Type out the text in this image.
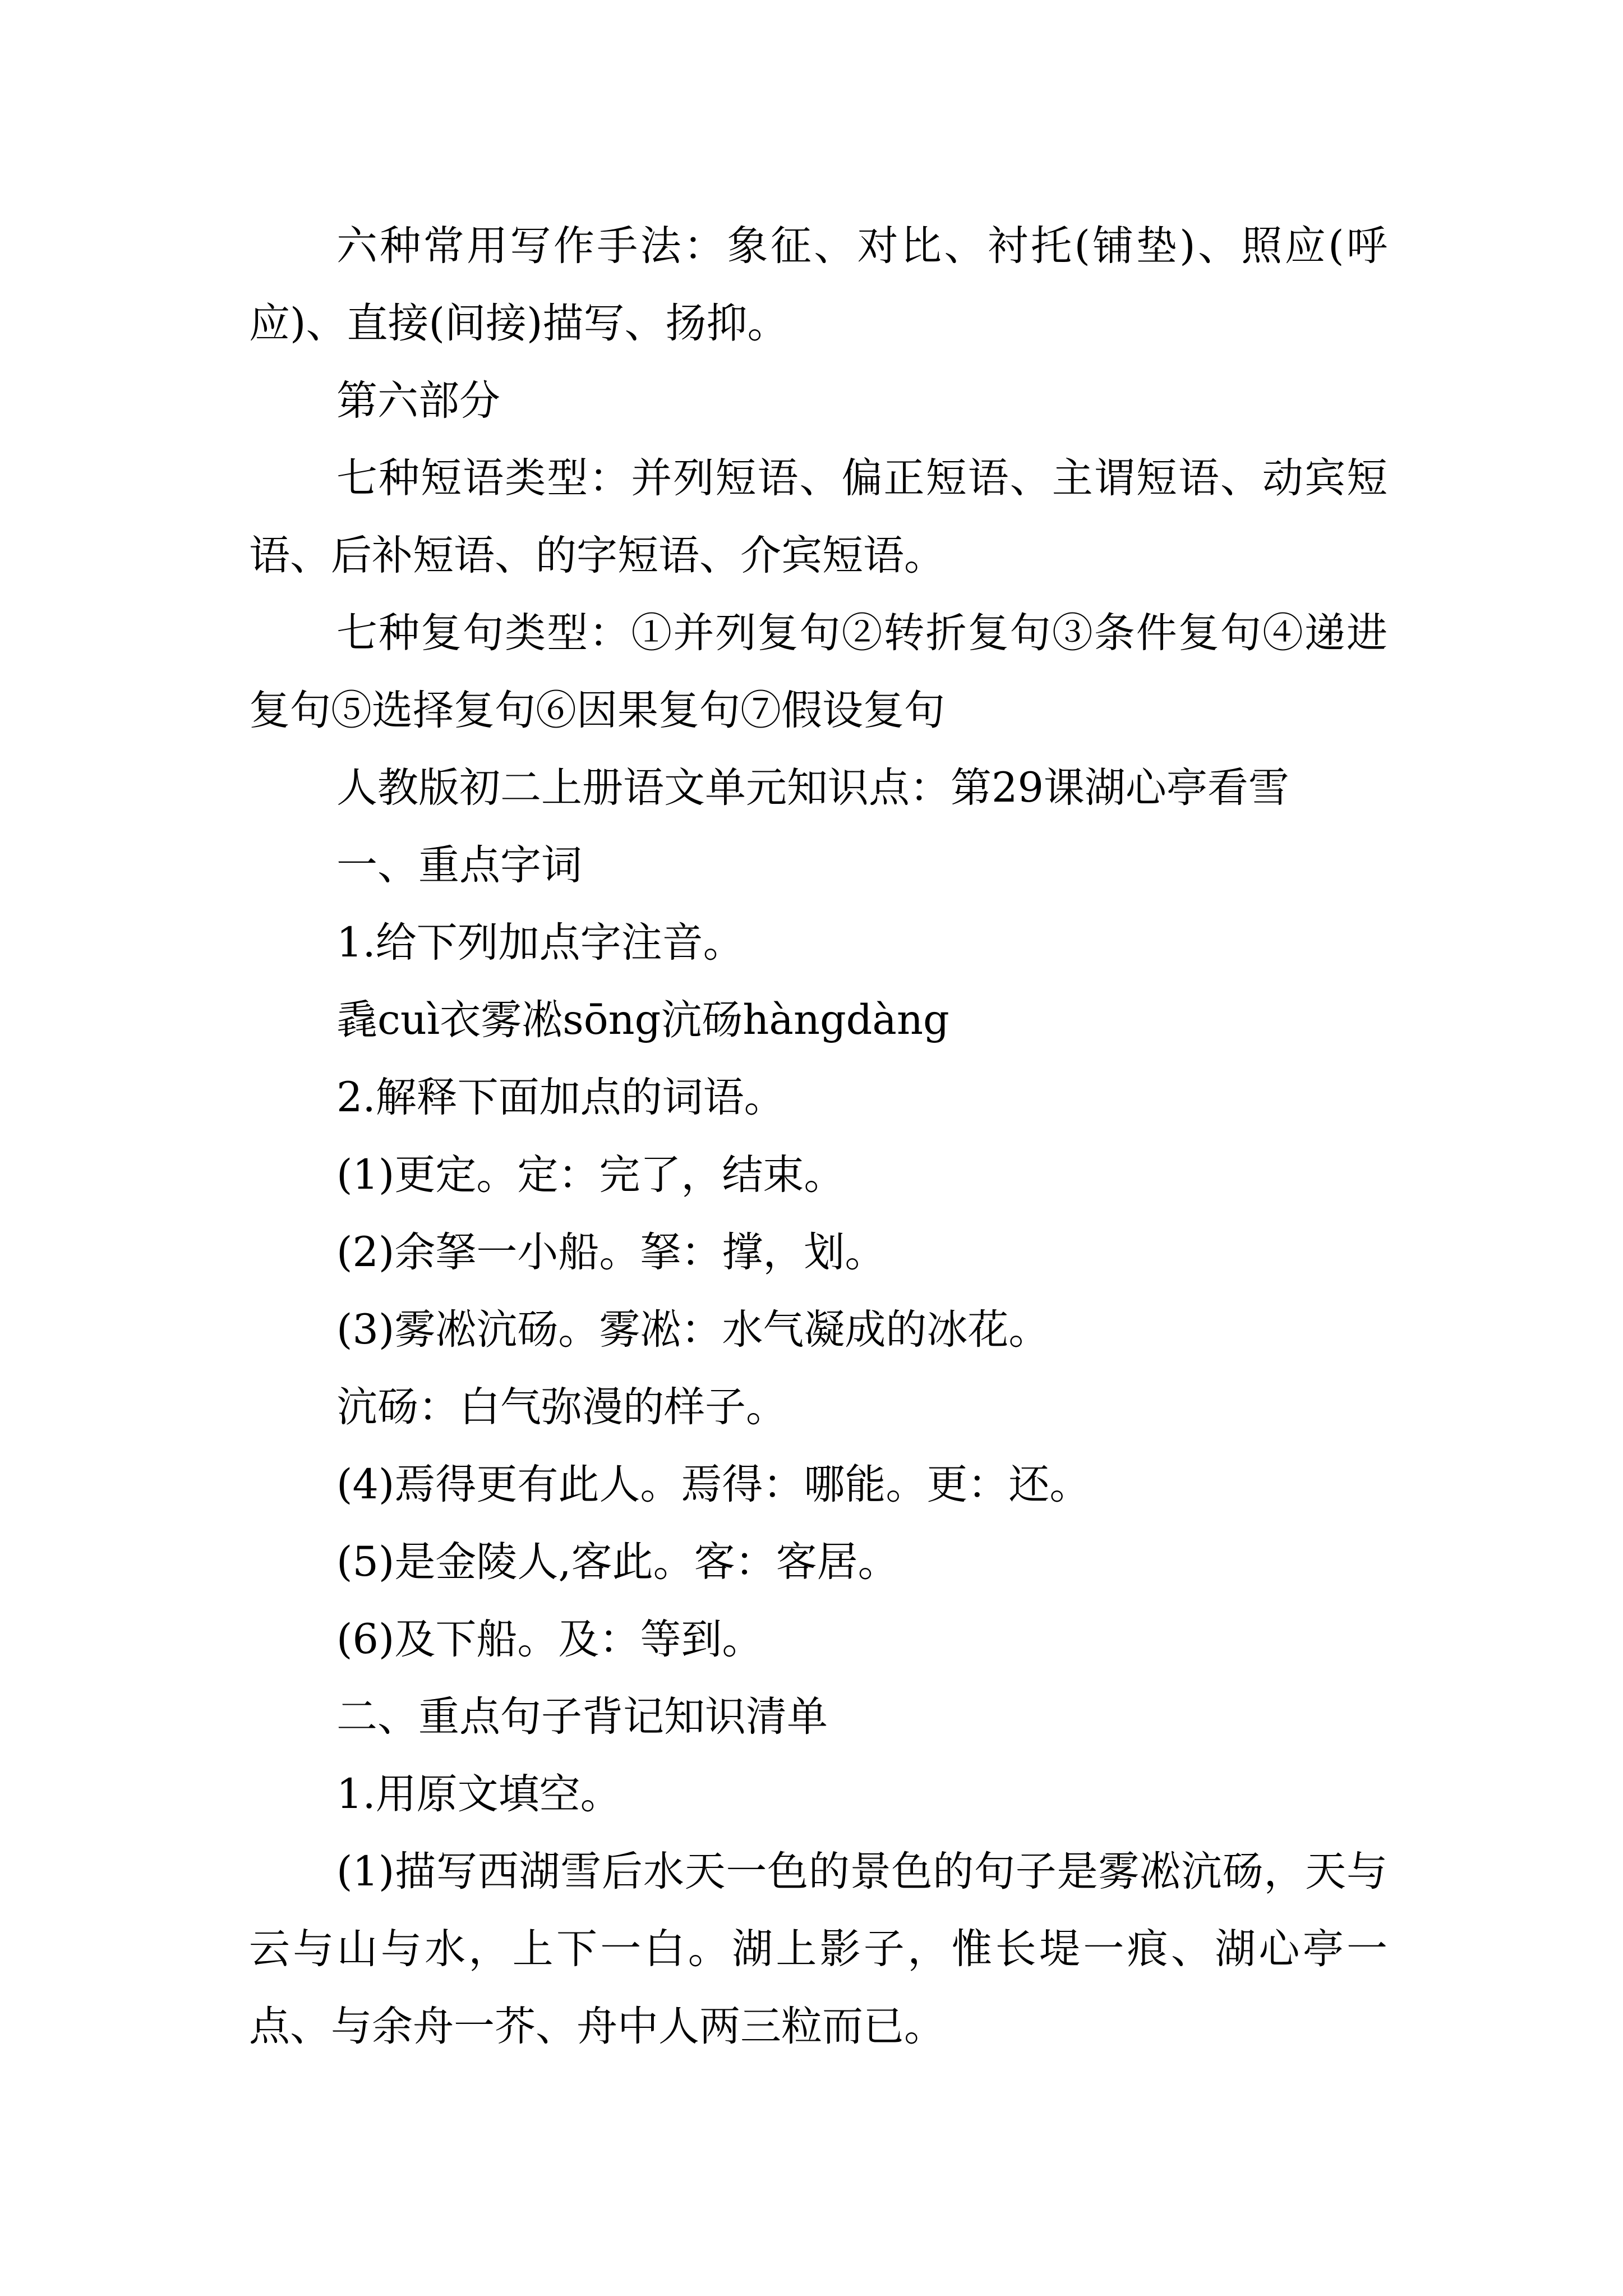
六种常用写作手法：象征、对比、衬托(铺垫)、照应(呼应)、直接(间接)描写、扬抑。

第六部分

七种短语类型：并列短语、偏正短语、主谓短语、动宾短语、后补短语、的字短语、介宾短语。

七种复句类型：①并列复句②转折复句③条件复句④递进复句⑤选择复句⑥因果复句⑦假设复句

人教版初二上册语文单元知识点：第29课湖心亭看雪

一、重点字词

1.给下列加点字注音。

毳cuì衣雾凇sōng沆砀hàngdàng

2.解释下面加点的词语。

(1)更定。定：完了，结束。

(2)余拏一小船。拏：撑，划。

(3)雾凇沆砀。雾凇：水气凝成的冰花。

沆砀：白气弥漫的样子。

(4)焉得更有此人。焉得：哪能。更：还。

(5)是金陵人,客此。客：客居。

(6)及下船。及：等到。

二、重点句子背记知识清单

1.用原文填空。

(1)描写西湖雪后水天一色的景色的句子是雾凇沆砀，天与云与山与水，上下一白。湖上影子，惟长堤一痕、湖心亭一点、与余舟一芥、舟中人两三粒而已。
